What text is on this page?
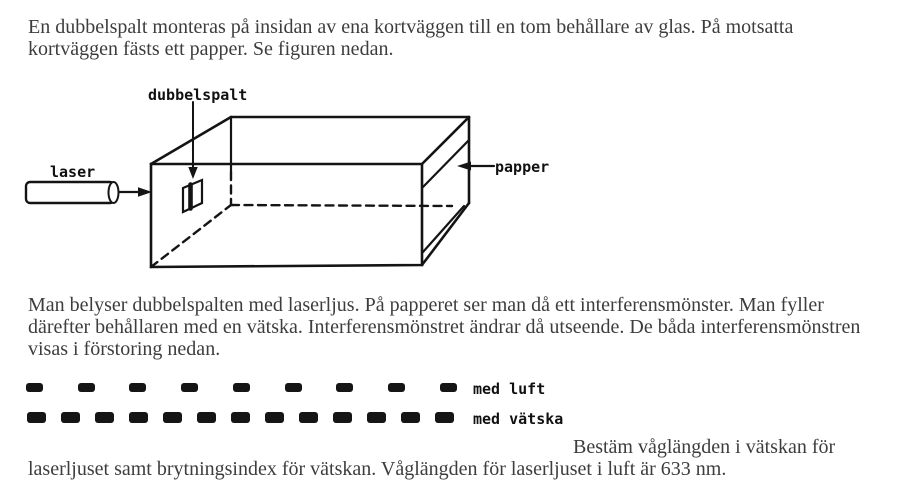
En dubbelspalt monteras på insidan av ena kortväggen till en tom behållare av glas. På motsatta
kortväggen fästs ett papper. Se figuren nedan.
dubbelspalt
laser	papper
Man belyser dubbelspalten med laserljus. På papperet ser man då ett interferensmönster. Man fyller
därefter behållaren med en vätska. Interferensmönstret ändrar då utseende. De båda interferensmönstren
visas i förstoring nedan.
med luft
med vätska
Bestäm våglängden i vätskan för
laserljuset samt brytningsindex för vätskan. Våglängden för laserljuset i luft är 633 nm.
